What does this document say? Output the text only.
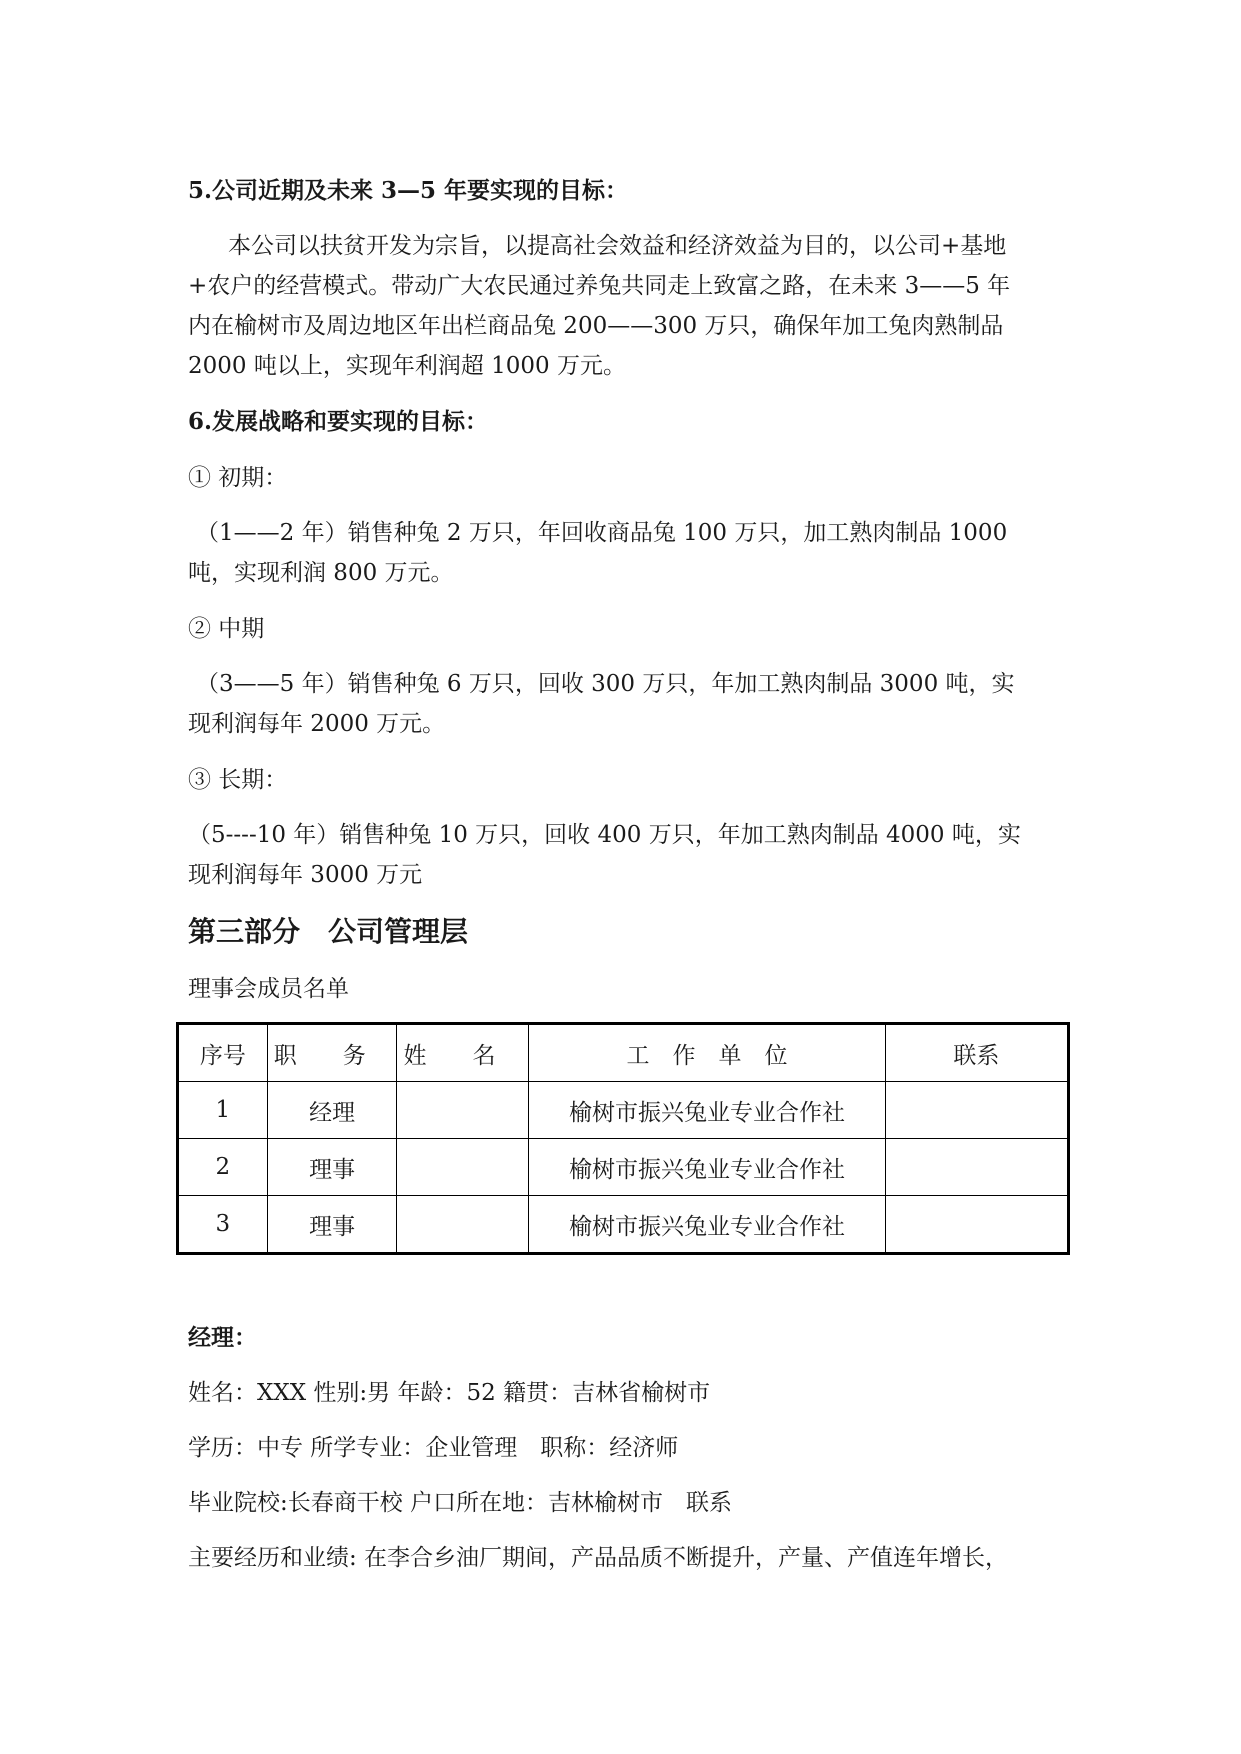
5.公司近期及未来 3—5 年要实现的目标：
本公司以扶贫开发为宗旨，以提高社会效益和经济效益为目的，以公司+基地
+农户的经营模式。带动广大农民通过养兔共同走上致富之路，在未来 3——5 年
内在榆树市及周边地区年出栏商品兔 200——300 万只，确保年加工兔肉熟制品
2000 吨以上，实现年利润超 1000 万元。
6.发展战略和要实现的目标：
① 初期：
（1——2 年）销售种兔 2 万只，年回收商品兔 100 万只，加工熟肉制品 1000
吨，实现利润 800 万元。
② 中期
（3——5 年）销售种兔 6 万只，回收 300 万只，年加工熟肉制品 3000 吨，实
现利润每年 2000 万元。
③ 长期：
（5----10 年）销售种兔 10 万只，回收 400 万只，年加工熟肉制品 4000 吨，实
现利润每年 3000 万元
第三部分　公司管理层
理事会成员名单
序号	职　　务	姓　　名	工　作　单　位	联系
1	经理		榆树市振兴兔业专业合作社	
2	理事		榆树市振兴兔业专业合作社	
3	理事		榆树市振兴兔业专业合作社	
经理：
姓名：XXX 性别:男 年龄：52 籍贯：吉林省榆树市
学历：中专 所学专业：企业管理　职称：经济师
毕业院校:长春商干校 户口所在地：吉林榆树市　联系
主要经历和业绩: 在李合乡油厂期间，产品品质不断提升，产量、产值连年增长，
